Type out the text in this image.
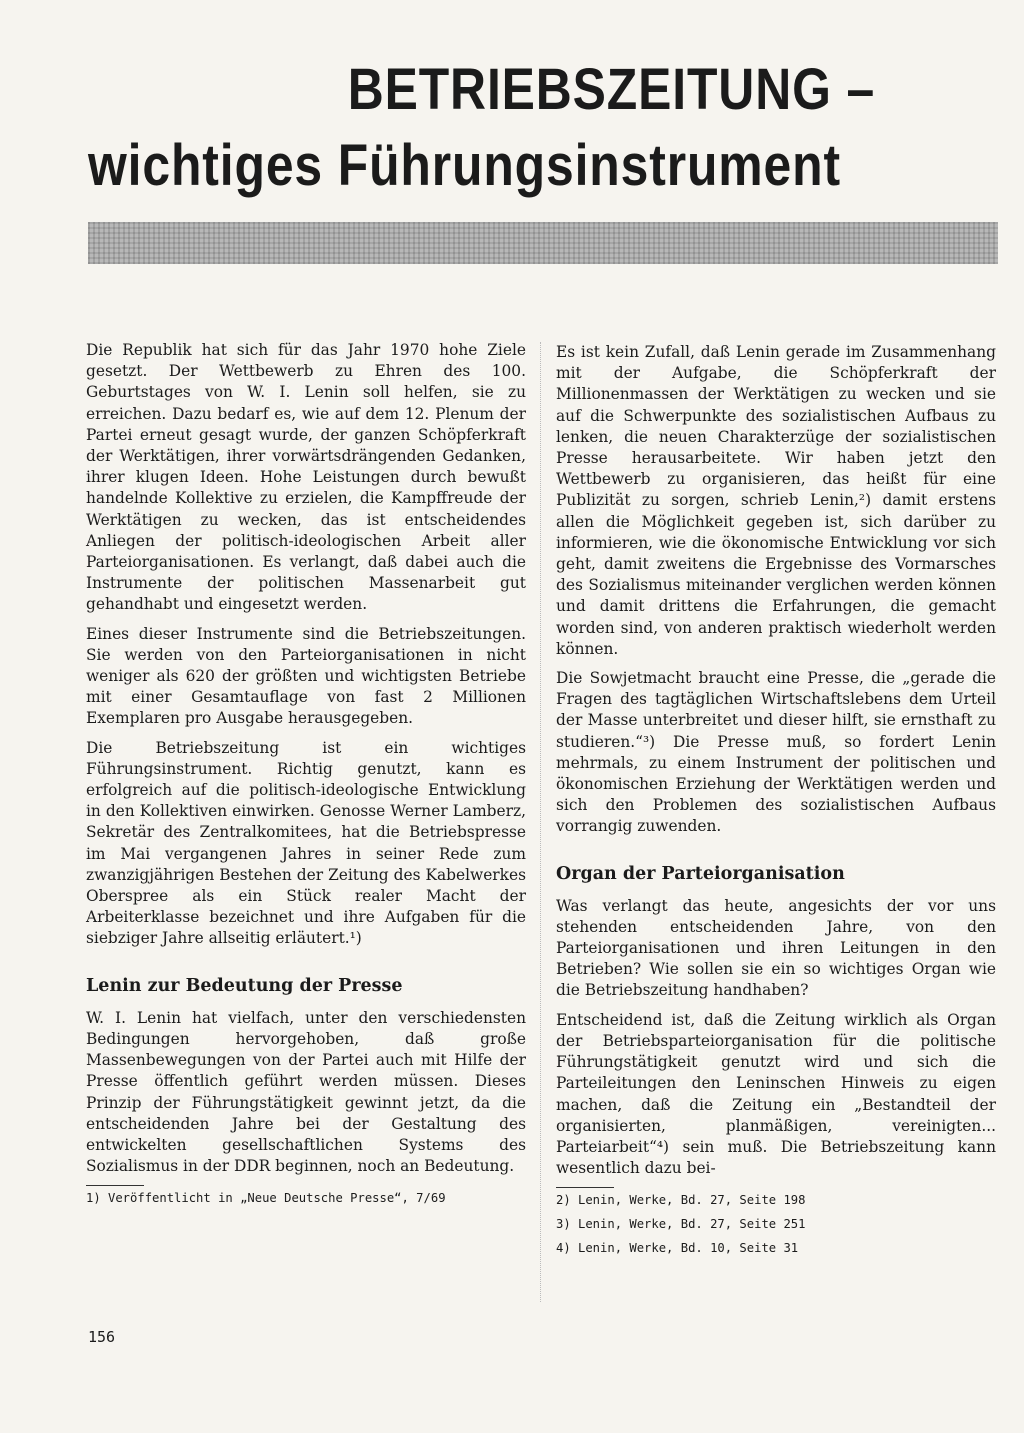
BETRIEBSZEITUNG –
wichtiges Führungsinstrument

Die Republik hat sich für das Jahr 1970 hohe Ziele gesetzt. Der Wettbewerb zu Ehren des 100. Geburtstages von W. I. Lenin soll helfen, sie zu erreichen. Dazu bedarf es, wie auf dem 12. Plenum der Partei erneut gesagt wurde, der ganzen Schöpferkraft der Werktätigen, ihrer vorwärtsdrängenden Gedanken, ihrer klugen Ideen. Hohe Leistungen durch bewußt handelnde Kollektive zu erzielen, die Kampffreude der Werktätigen zu wecken, das ist entscheidendes Anliegen der politisch-ideologischen Arbeit aller Parteiorganisationen. Es verlangt, daß dabei auch die Instrumente der politischen Massenarbeit gut gehandhabt und eingesetzt werden.

Eines dieser Instrumente sind die Betriebszeitungen. Sie werden von den Parteiorganisationen in nicht weniger als 620 der größten und wichtigsten Betriebe mit einer Gesamtauflage von fast 2 Millionen Exemplaren pro Ausgabe herausgegeben.

Die Betriebszeitung ist ein wichtiges Führungsinstrument. Richtig genutzt, kann es erfolgreich auf die politisch-ideologische Entwicklung in den Kollektiven einwirken. Genosse Werner Lamberz, Sekretär des Zentralkomitees, hat die Betriebspresse im Mai vergangenen Jahres in seiner Rede zum zwanzigjährigen Bestehen der Zeitung des Kabelwerkes Oberspree als ein Stück realer Macht der Arbeiterklasse bezeichnet und ihre Aufgaben für die siebziger Jahre allseitig erläutert.¹)

Lenin zur Bedeutung der Presse

W. I. Lenin hat vielfach, unter den verschiedensten Bedingungen hervorgehoben, daß große Massenbewegungen von der Partei auch mit Hilfe der Presse öffentlich geführt werden müssen. Dieses Prinzip der Führungstätigkeit gewinnt jetzt, da die entscheidenden Jahre bei der Gestaltung des entwickelten gesellschaftlichen Systems des Sozialismus in der DDR beginnen, noch an Bedeutung.

1) Veröffentlicht in „Neue Deutsche Presse“, 7/69

Es ist kein Zufall, daß Lenin gerade im Zusammenhang mit der Aufgabe, die Schöpferkraft der Millionenmassen der Werktätigen zu wecken und sie auf die Schwerpunkte des sozialistischen Aufbaus zu lenken, die neuen Charakterzüge der sozialistischen Presse herausarbeitete. Wir haben jetzt den Wettbewerb zu organisieren, das heißt für eine Publizität zu sorgen, schrieb Lenin,²) damit erstens allen die Möglichkeit gegeben ist, sich darüber zu informieren, wie die ökonomische Entwicklung vor sich geht, damit zweitens die Ergebnisse des Vormarsches des Sozialismus miteinander verglichen werden können und damit drittens die Erfahrungen, die gemacht worden sind, von anderen praktisch wiederholt werden können.

Die Sowjetmacht braucht eine Presse, die „gerade die Fragen des tagtäglichen Wirtschaftslebens dem Urteil der Masse unterbreitet und dieser hilft, sie ernsthaft zu studieren.“³) Die Presse muß, so fordert Lenin mehrmals, zu einem Instrument der politischen und ökonomischen Erziehung der Werktätigen werden und sich den Problemen des sozialistischen Aufbaus vorrangig zuwenden.

Organ der Parteiorganisation

Was verlangt das heute, angesichts der vor uns stehenden entscheidenden Jahre, von den Parteiorganisationen und ihren Leitungen in den Betrieben? Wie sollen sie ein so wichtiges Organ wie die Betriebszeitung handhaben?

Entscheidend ist, daß die Zeitung wirklich als Organ der Betriebsparteiorganisation für die politische Führungstätigkeit genutzt wird und sich die Parteileitungen den Leninschen Hinweis zu eigen machen, daß die Zeitung ein „Bestandteil der organisierten, planmäßigen, vereinigten... Parteiarbeit“⁴) sein muß. Die Betriebszeitung kann wesentlich dazu bei-

2) Lenin, Werke, Bd. 27, Seite 198

3) Lenin, Werke, Bd. 27, Seite 251

4) Lenin, Werke, Bd. 10, Seite 31

156
